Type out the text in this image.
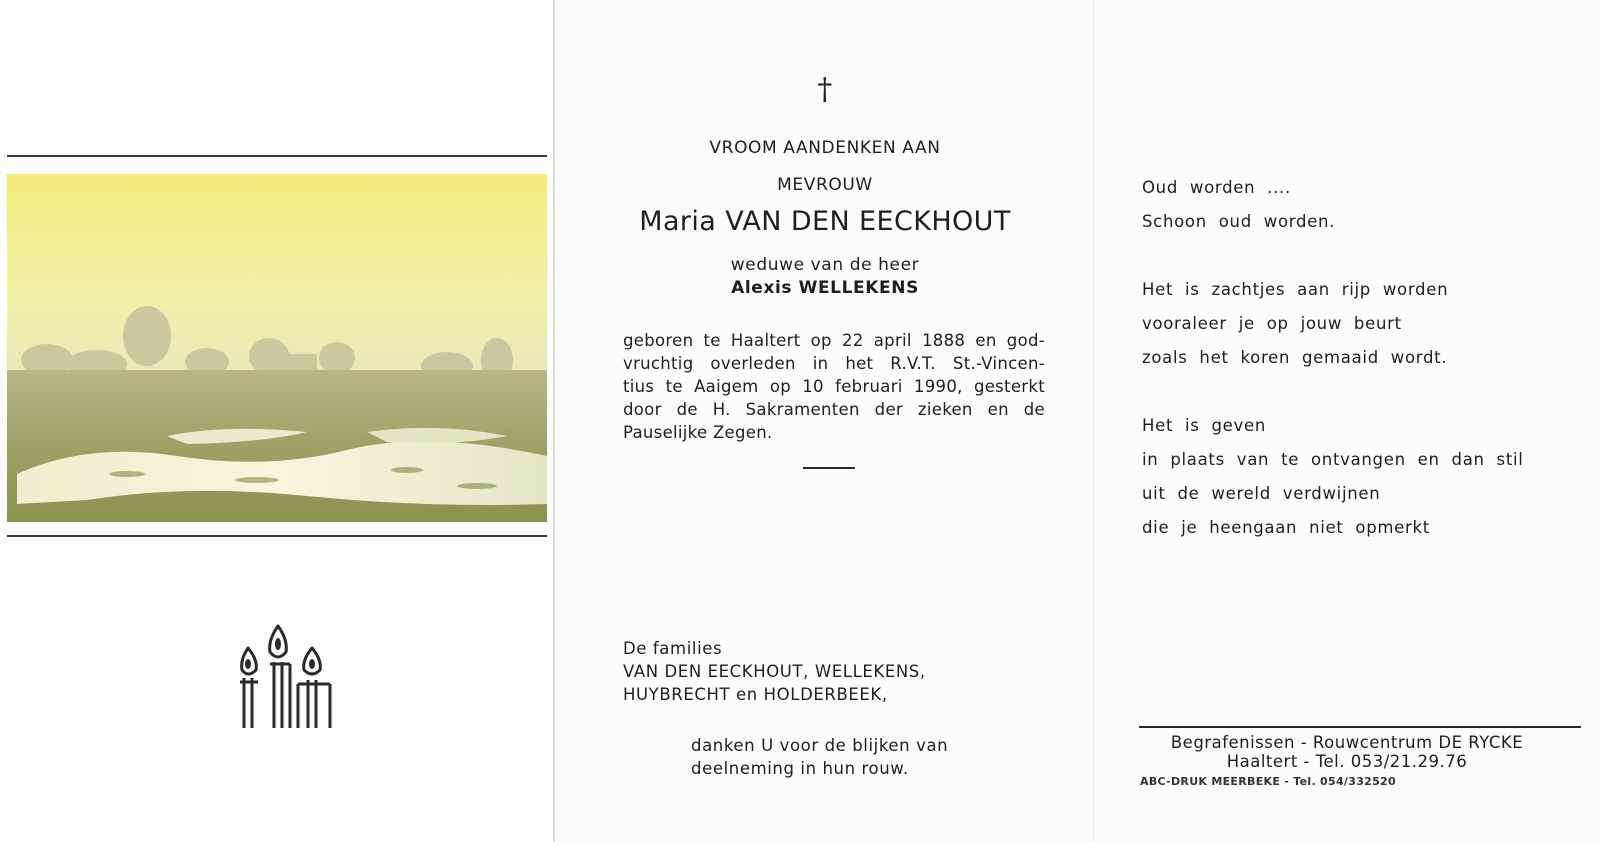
†
VROOM AANDENKEN AAN
MEVROUW
Maria VAN DEN EECKHOUT
weduwe van de heer
Alexis WELLEKENS
geboren te Haaltert op 22 april 1888 en god-
vruchtig overleden in het R.V.T. St.-Vincen-
tius te Aaigem op 10 februari 1990, gesterkt
door de H. Sakramenten der zieken en de
Pauselijke Zegen.
De families
VAN DEN EECKHOUT, WELLEKENS,
HUYBRECHT en HOLDERBEEK,
danken U voor de blijken van
deelneming in hun rouw.
Oud  worden  ....
Schoon  oud  worden.
Het  is  zachtjes  aan  rijp  worden
vooraleer  je  op  jouw  beurt
zoals  het  koren  gemaaid  wordt.
Het  is  geven
in  plaats  van  te  ontvangen  en  dan  stil
uit  de  wereld  verdwijnen
die  je  heengaan  niet  opmerkt
Begrafenissen - Rouwcentrum DE RYCKE
Haaltert - Tel. 053/21.29.76
ABC-DRUK MEERBEKE - Tel. 054/332520
